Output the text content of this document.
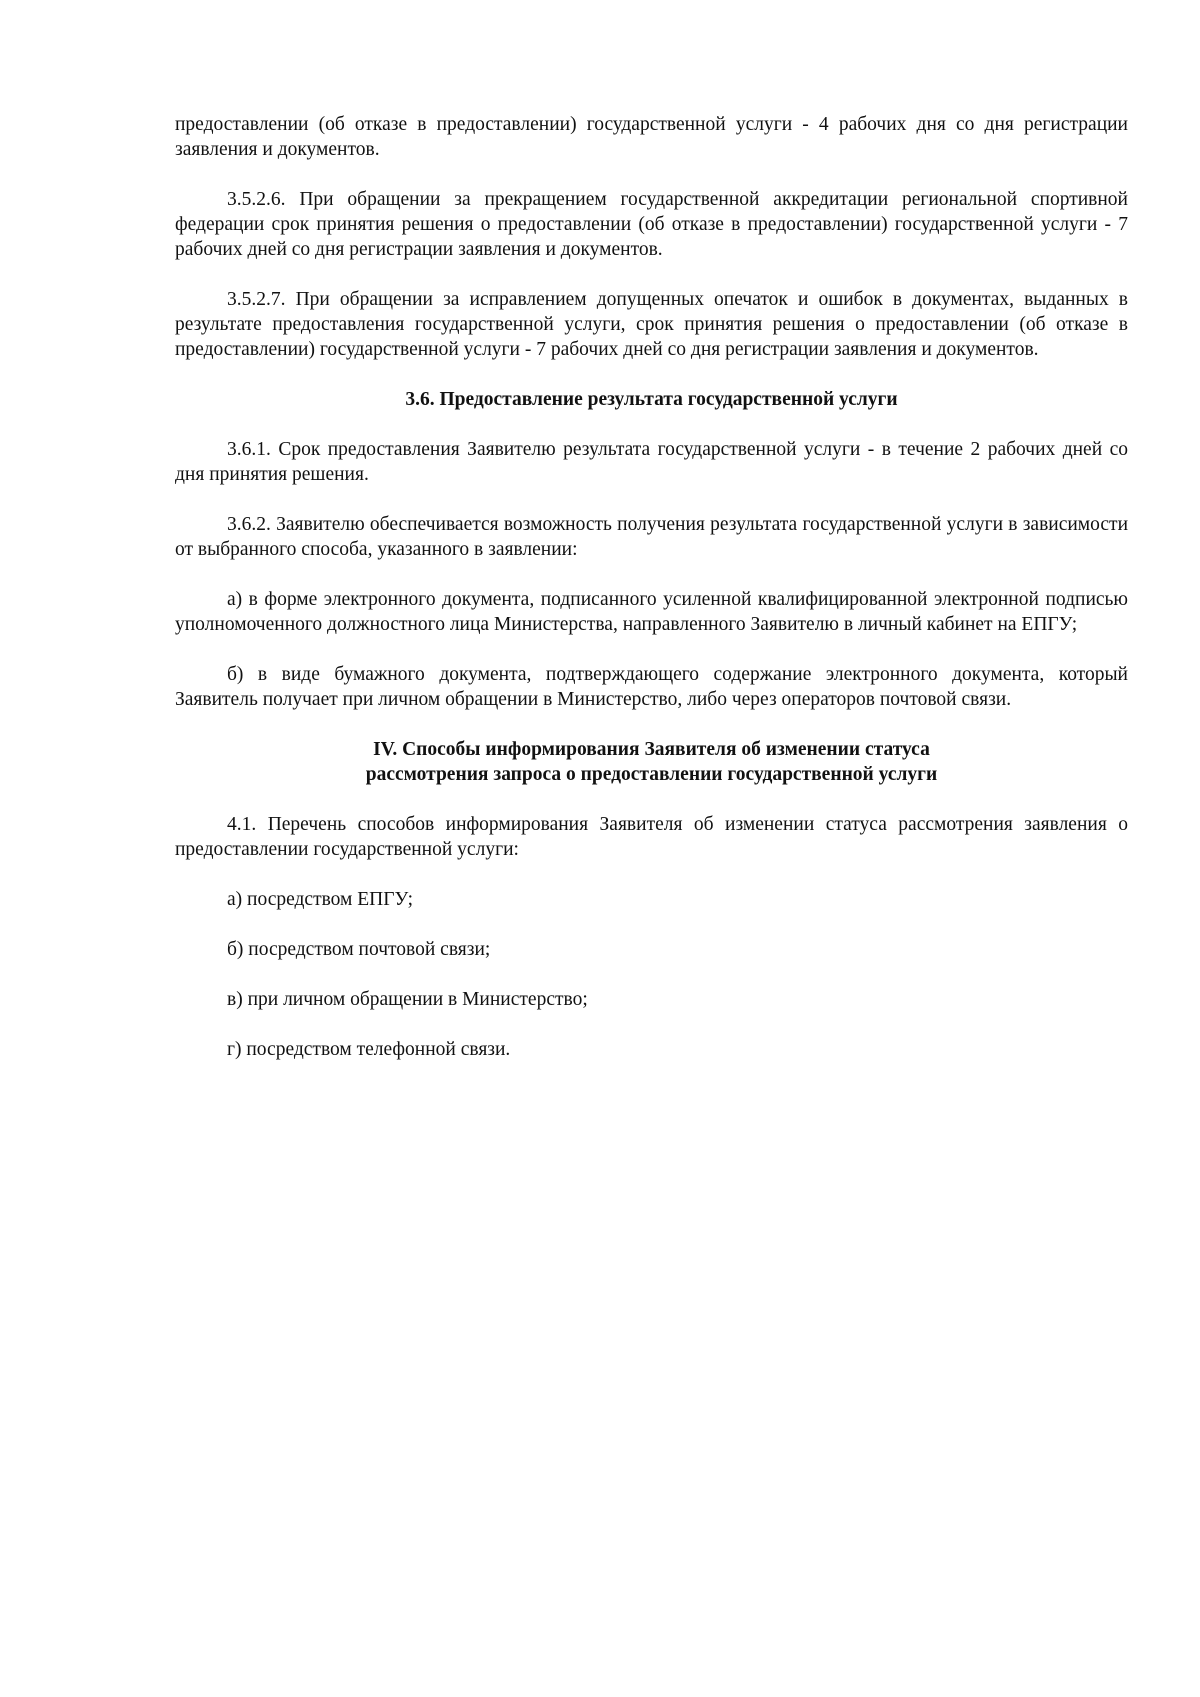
предоставлении (об отказе в предоставлении) государственной услуги - 4 рабочих дня со дня регистрации заявления и документов.

3.5.2.6. При обращении за прекращением государственной аккредитации региональной спортивной федерации срок принятия решения о предоставлении (об отказе в предоставлении) государственной услуги - 7 рабочих дней со дня регистрации заявления и документов.

3.5.2.7. При обращении за исправлением допущенных опечаток и ошибок в документах, выданных в результате предоставления государственной услуги, срок принятия решения о предоставлении (об отказе в предоставлении) государственной услуги - 7 рабочих дней со дня регистрации заявления и документов.

3.6. Предоставление результата государственной услуги

3.6.1. Срок предоставления Заявителю результата государственной услуги - в течение 2 рабочих дней со дня принятия решения.

3.6.2. Заявителю обеспечивается возможность получения результата государственной услуги в зависимости от выбранного способа, указанного в заявлении:

а) в форме электронного документа, подписанного усиленной квалифицированной электронной подписью уполномоченного должностного лица Министерства, направленного Заявителю в личный кабинет на ЕПГУ;

б) в виде бумажного документа, подтверждающего содержание электронного документа, который Заявитель получает при личном обращении в Министерство, либо через операторов почтовой связи.

IV. Способы информирования Заявителя об изменении статуса
рассмотрения запроса о предоставлении государственной услуги

4.1. Перечень способов информирования Заявителя об изменении статуса рассмотрения заявления о предоставлении государственной услуги:

а) посредством ЕПГУ;

б) посредством почтовой связи;

в) при личном обращении в Министерство;

г) посредством телефонной связи.
